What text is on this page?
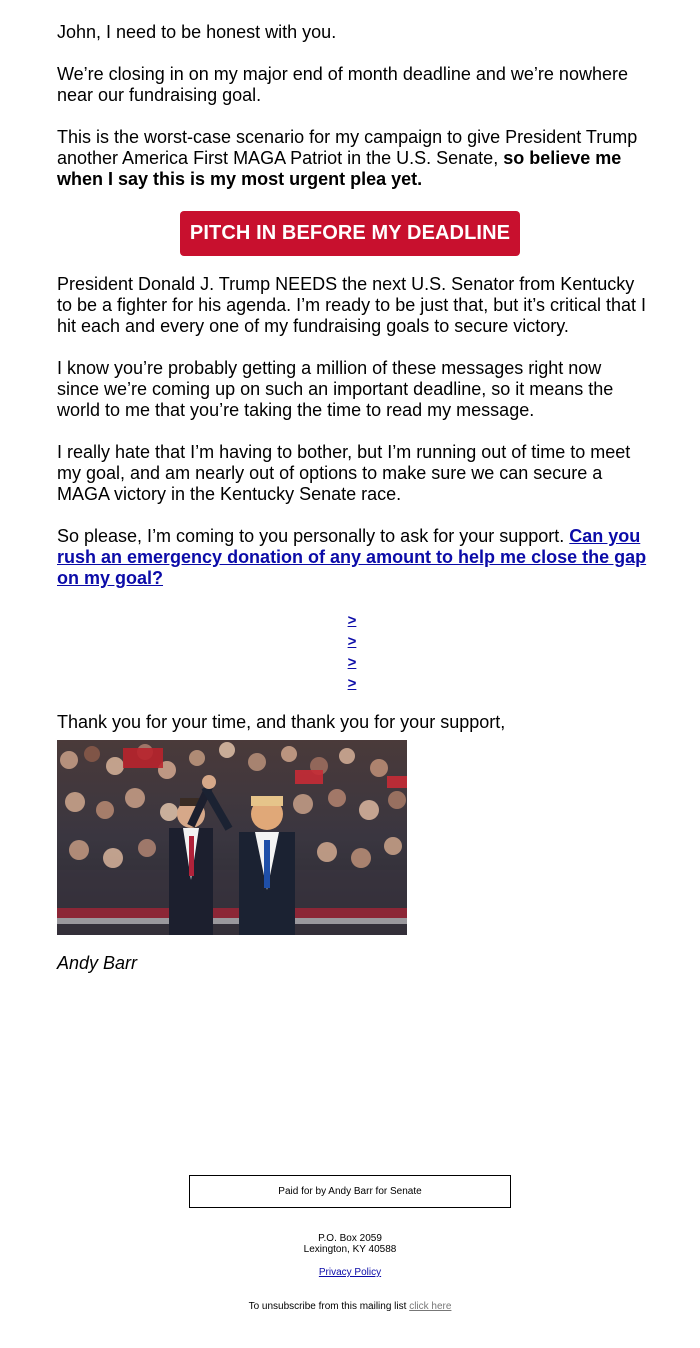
John, I need to be honest with you.

We’re closing in on my major end of month deadline and we’re nowhere near our fundraising goal.

This is the worst-case scenario for my campaign to give President Trump another America First MAGA Patriot in the U.S. Senate, so believe me when I say this is my most urgent plea yet.

PITCH IN BEFORE MY DEADLINE

President Donald J. Trump NEEDS the next U.S. Senator from Kentucky to be a fighter for his agenda. I’m ready to be just that, but it’s critical that I hit each and every one of my fundraising goals to secure victory.

I know you’re probably getting a million of these messages right now since we’re coming up on such an important deadline, so it means the world to me that you’re taking the time to read my message.

I really hate that I’m having to bother, but I’m running out of time to meet my goal, and am nearly out of options to make sure we can secure a MAGA victory in the Kentucky Senate race.

So please, I’m coming to you personally to ask for your support. Can you rush an emergency donation of any amount to help me close the gap on my goal?

>
>
>
>

Thank you for your time, and thank you for your support,

Andy Barr
Paid for by Andy Barr for Senate
P.O. Box 2059
Lexington, KY 40588
Privacy Policy
To unsubscribe from this mailing list click here
